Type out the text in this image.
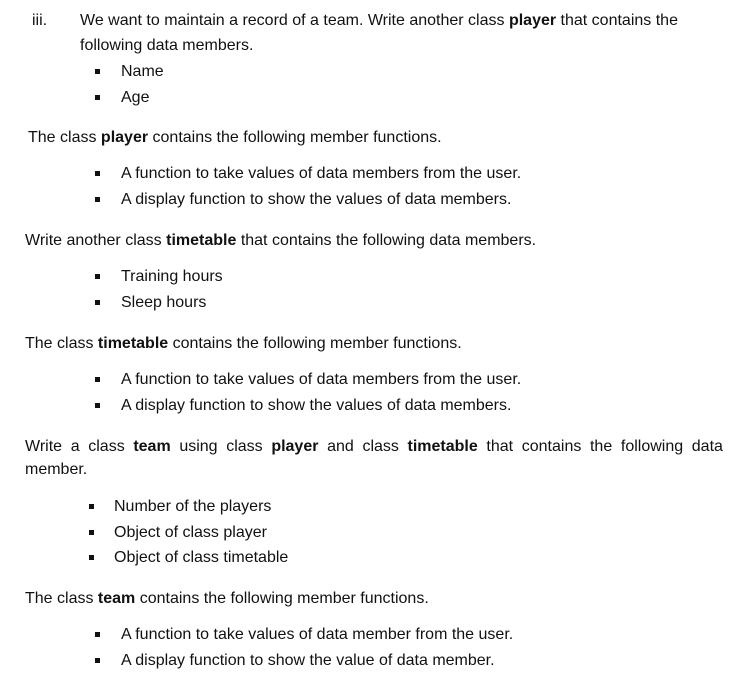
iii. We want to maintain a record of a team. Write another class player that contains the
following data members.
Name
Age
The class player contains the following member functions.
A function to take values of data members from the user.
A display function to show the values of data members.
Write another class timetable that contains the following data members.
Training hours
Sleep hours
The class timetable contains the following member functions.
A function to take values of data members from the user.
A display function to show the values of data members.
Write a class team using class player and class timetable that contains the following data
member.
Number of the players
Object of class player
Object of class timetable
The class team contains the following member functions.
A function to take values of data member from the user.
A display function to show the value of data member.
